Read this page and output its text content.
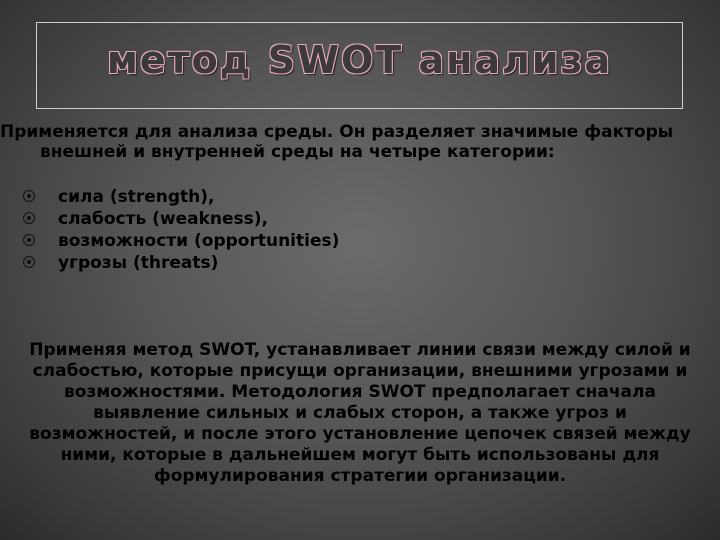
метод SWOT анализа

Применяется для анализа среды. Он разделяет значимые факторы внешней и внутренней среды на четыре категории:

сила (strength),
слабость (weakness),
возможности (opportunities)
угрозы (threats)
Применяя метод SWOT, устанавливает линии связи между силой и слабостью, которые присущи организации, внешними угрозами и возможностями. Методология SWOT предполагает сначала выявление сильных и слабых сторон, а также угроз и возможностей, и после этого установление цепочек связей между ними, которые в дальнейшем могут быть использованы для формулирования стратегии организации.
